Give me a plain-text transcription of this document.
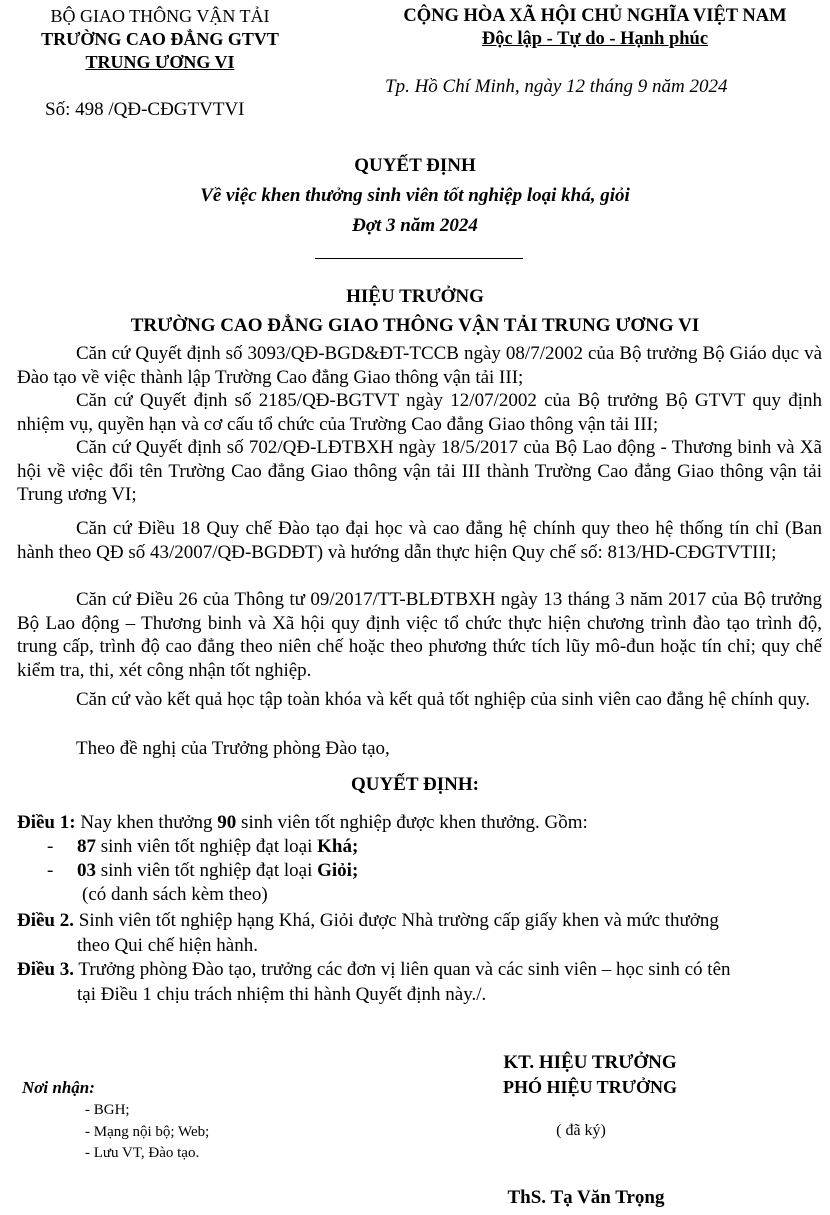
BỘ GIAO THÔNG VẬN TẢI
TRƯỜNG CAO ĐẲNG GTVT
TRUNG ƯƠNG VI
Số: 498 /QĐ-CĐGTVTVI
CỘNG HÒA XÃ HỘI CHỦ NGHĨA VIỆT NAM
Độc lập - Tự do - Hạnh phúc
Tp. Hồ Chí Minh, ngày 12 tháng 9 năm 2024
QUYẾT ĐỊNH
Về việc khen thưởng sinh viên tốt nghiệp loại khá, giỏi
Đợt 3 năm 2024
HIỆU TRƯỞNG
TRƯỜNG CAO ĐẲNG GIAO THÔNG VẬN TẢI TRUNG ƯƠNG VI
Căn cứ Quyết định số 3093/QĐ-BGD&ĐT-TCCB ngày 08/7/2002 của Bộ trưởng Bộ Giáo dục và Đào tạo về việc thành lập Trường Cao đẳng Giao thông vận tải III;
Căn cứ Quyết định số 2185/QĐ-BGTVT ngày 12/07/2002 của Bộ trưởng Bộ GTVT quy định nhiệm vụ, quyền hạn và cơ cấu tổ chức của Trường Cao đẳng Giao thông vận tải III;
Căn cứ Quyết định số 702/QĐ-LĐTBXH ngày 18/5/2017 của Bộ Lao động - Thương binh và Xã hội về việc đổi tên Trường Cao đẳng Giao thông vận tải III thành Trường Cao đẳng Giao thông vận tải Trung ương VI;
Căn cứ Điều 18 Quy chế Đào tạo đại học và cao đẳng hệ chính quy theo hệ thống tín chỉ (Ban hành theo QĐ số 43/2007/QĐ-BGDĐT) và hướng dẫn thực hiện Quy chế số: 813/HD-CĐGTVTIII;
Căn cứ Điều 26 của Thông tư 09/2017/TT-BLĐTBXH ngày 13 tháng 3 năm 2017 của Bộ trưởng Bộ Lao động – Thương binh và Xã hội quy định việc tổ chức thực hiện chương trình đào tạo trình độ, trung cấp, trình độ cao đẳng theo niên chế hoặc theo phương thức tích lũy mô-đun hoặc tín chỉ; quy chế kiểm tra, thi, xét công nhận tốt nghiệp.
Căn cứ vào kết quả học tập toàn khóa và kết quả tốt nghiệp của sinh viên cao đẳng hệ chính quy.
Theo đề nghị của Trưởng phòng Đào tạo,
QUYẾT ĐỊNH:
Điều 1: Nay khen thưởng 90 sinh viên tốt nghiệp được khen thưởng. Gồm:
- 87 sinh viên tốt nghiệp đạt loại Khá;
- 03 sinh viên tốt nghiệp đạt loại Giỏi;
(có danh sách kèm theo)
Điều 2. Sinh viên tốt nghiệp hạng Khá, Giỏi được Nhà trường cấp giấy khen và mức thưởng
theo Qui chế hiện hành.
Điều 3. Trưởng phòng Đào tạo, trưởng các đơn vị liên quan và các sinh viên – học sinh có tên
tại Điều 1 chịu trách nhiệm thi hành Quyết định này./.
Nơi nhận:
- BGH;
- Mạng nội bộ; Web;
- Lưu VT, Đào tạo.
KT. HIỆU TRƯỞNG
PHÓ HIỆU TRƯỞNG
( đã ký)
ThS. Tạ Văn Trọng
